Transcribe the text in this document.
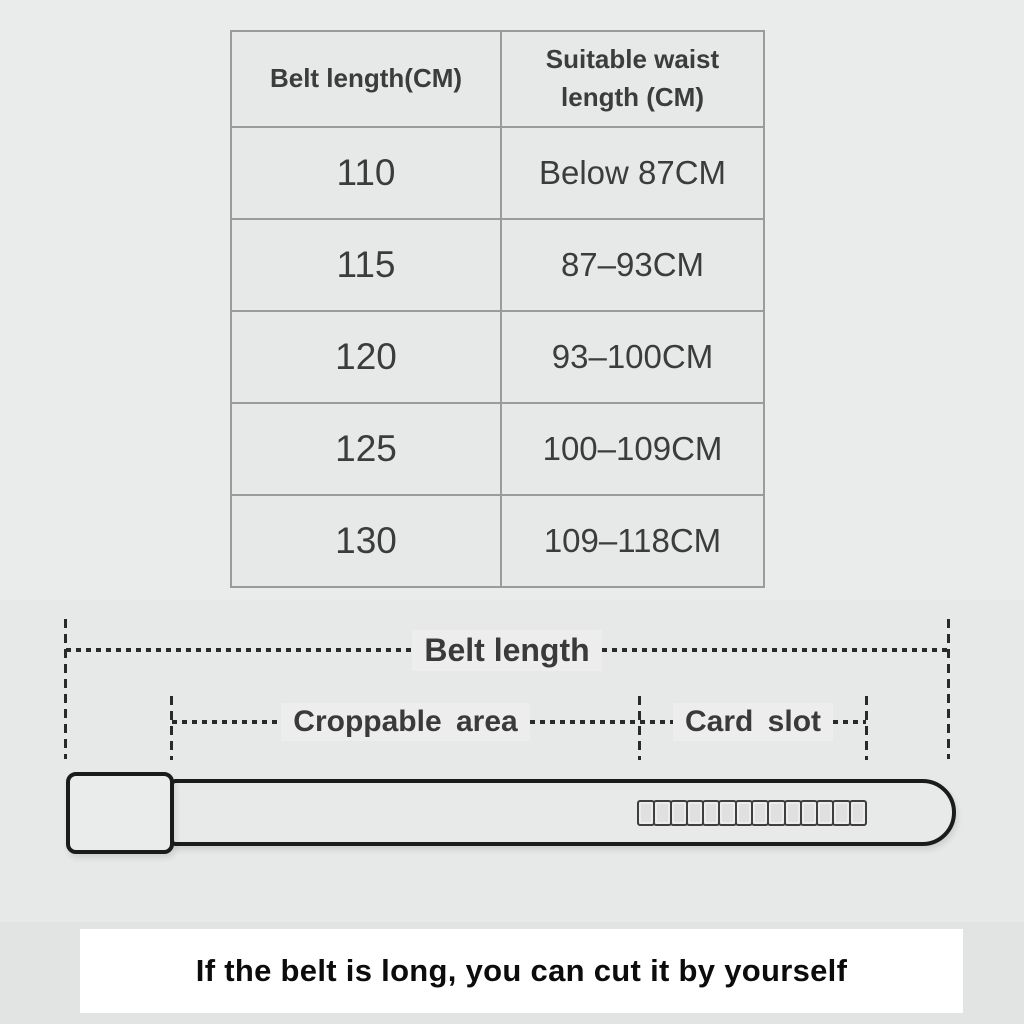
Belt length(CM)	Suitable waist length (CM)
110	Below 87CM
115	87–93CM
120	93–100CM
125	100–109CM
130	109–118CM
Belt length
Croppable area	Card slot
If the belt is long, you can cut it by yourself
